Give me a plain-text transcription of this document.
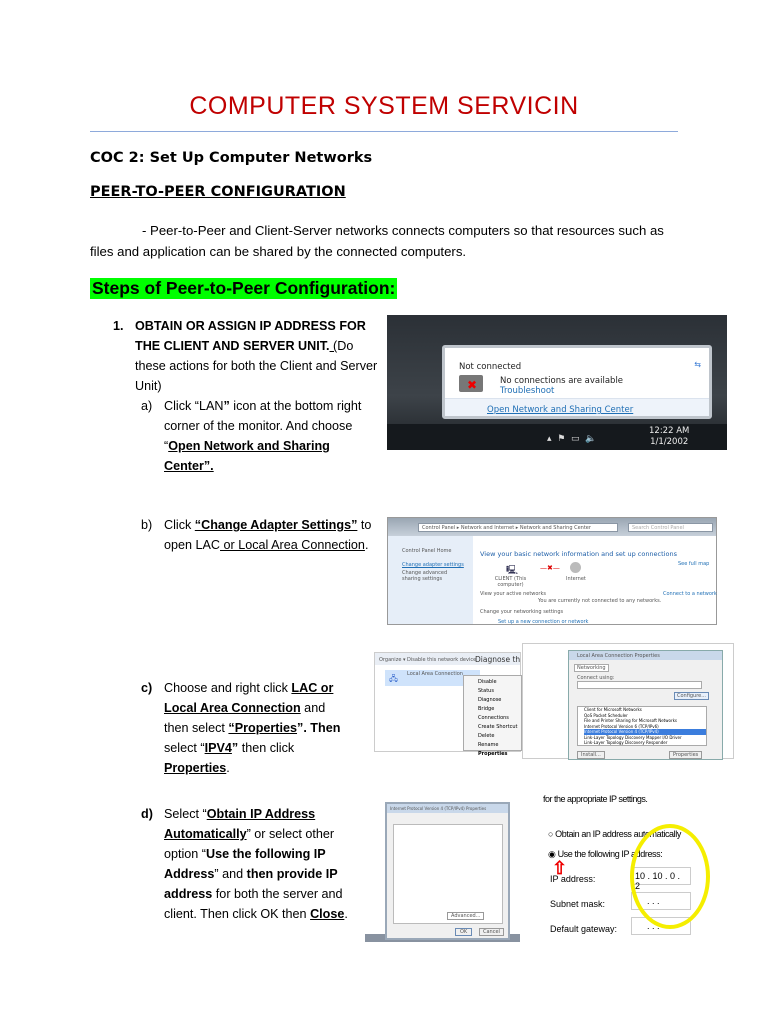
COMPUTER SYSTEM SERVICIN
COC 2: Set Up Computer Networks
PEER-TO-PEER CONFIGURATION
- Peer-to-Peer and Client-Server networks connects computers so that resources such as files and application can be shared by the connected computers.
Steps of Peer-to-Peer Configuration:
1. OBTAIN OR ASSIGN IP ADDRESS FOR THE CLIENT AND SERVER UNIT. (Do these actions for both the Client and Server Unit)
a) Click “LAN” icon at the bottom right corner of the monitor. And choose “Open Network and Sharing Center”.
b) Click “Change Adapter Settings” to open LAC or Local Area Connection.
c) Choose and right click LAC or Local Area Connection and then select “Properties”. Then select “IPV4” then click Properties.
d) Select “Obtain IP Address Automatically” or select other option “Use the following IP Address” and then provide IP address for both the server and client. Then click OK then Close.
Not connected	⇆
✖	No connections are available
Troubleshoot
Open Network and Sharing Center
▴  ⚑  ▭  🔈
12:22 AM
1/1/2002
Control Panel ▸ Network and Internet ▸ Network and Sharing Center	Search Control Panel
Control Panel Home
Change adapter settings
Change advanced sharing settings
View your basic network information and set up connections
🖳	—✖—
CLIENT (This computer)
Internet
See full map
View your active networks
You are currently not connected to any networks.
Connect to a network
Change your networking settings
Set up a new connection or network
Organize ▾ Disable this network device
Diagnose th
🖧 Local Area Connection
Disable
Status
Diagnose
Bridge Connections
Create Shortcut
Delete
Rename
Properties
Local Area Connection Properties
Networking
Connect using:
Configure...
Client for Microsoft Networks
QoS Packet Scheduler
File and Printer Sharing for Microsoft Networks
Internet Protocol Version 6 (TCP/IPv6)
Internet Protocol Version 4 (TCP/IPv4)
Link-Layer Topology Discovery Mapper I/O Driver
Link-Layer Topology Discovery Responder
Install...	Properties
Internet Protocol Version 4 (TCP/IPv4) Properties
Advanced...
OK	Cancel
for the appropriate IP settings.
○ Obtain an IP address automatically
◉ Use the following IP address:
IP address:	10 . 10 . 0 . 2
Subnet mask:	. . .
Default gateway:	. . .
⇧
